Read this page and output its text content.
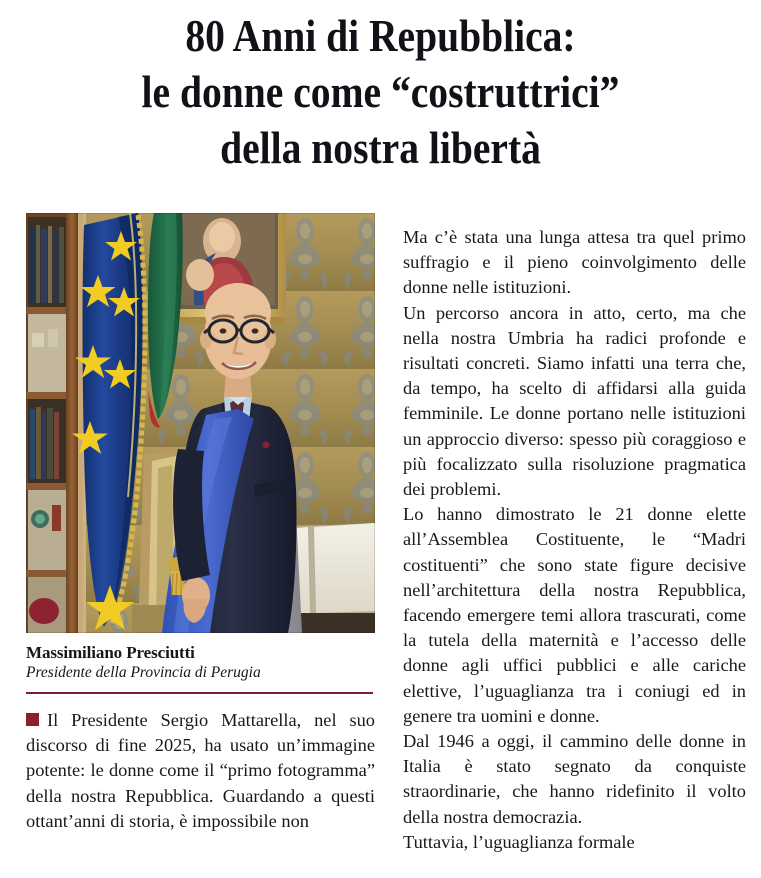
80 Anni di Repubblica:
le donne come “costruttrici”
della nostra libertà
Massimiliano Presciutti
Presidente della Provincia di Perugia

Il Presidente Sergio Mattarella, nel suo discorso di fine 2025, ha usato un’immagine potente: le donne come il “primo fotogramma” della nostra Repubblica. Guardando a questi ottant’anni di storia, è impossibile non

Ma c’è stata una lunga attesa tra quel primo suffragio e il pieno coinvolgimento delle donne nelle istituzioni.

Un percorso ancora in atto, certo, ma che nella nostra Umbria ha radici profonde e risultati concreti. Siamo infatti una terra che, da tempo, ha scelto di affidarsi alla guida femminile. Le donne portano nelle istituzioni un approccio diverso: spesso più coraggioso e più focalizzato sulla risoluzione pragmatica dei problemi.

Lo hanno dimostrato le 21 donne elette all’Assemblea Costituente, le “Madri costituenti” che sono state figure decisive nell’architettura della nostra Repubblica, facendo emergere temi allora trascurati, come la tutela della maternità e l’accesso delle donne agli uffici pubblici e alle cariche elettive, l’uguaglianza tra i coniugi ed in genere tra uomini e donne.

Dal 1946 a oggi, il cammino delle donne in Italia è stato segnato da conquiste straordinarie, che hanno ridefinito il volto della nostra democrazia.

Tuttavia, l’uguaglianza formale
